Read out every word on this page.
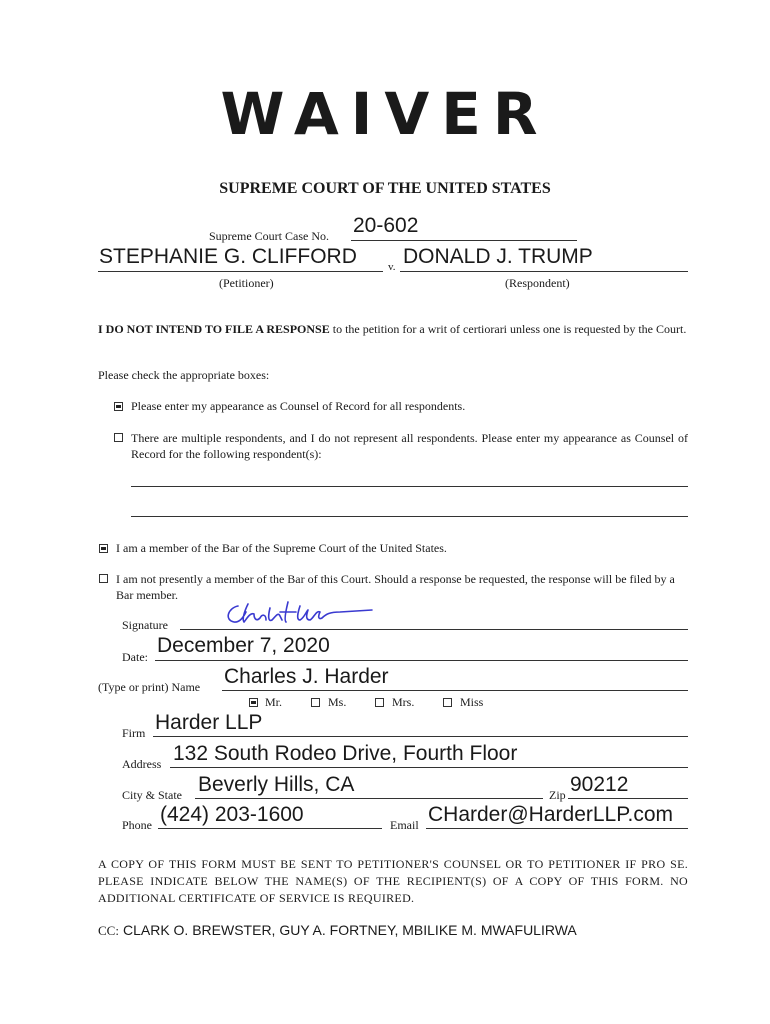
WAIVER
SUPREME COURT OF THE UNITED STATES
Supreme Court Case No. 20-602
STEPHANIE G. CLIFFORD	v. DONALD J. TRUMP
(Petitioner)	(Respondent)
I DO NOT INTEND TO FILE A RESPONSE to the petition for a writ of certiorari unless one is requested by the Court.
Please check the appropriate boxes:
Please enter my appearance as Counsel of Record for all respondents.
There are multiple respondents, and I do not represent all respondents. Please enter my appearance as Counsel of Record for the following respondent(s):
I am a member of the Bar of the Supreme Court of the United States.
I am not presently a member of the Bar of this Court. Should a response be requested, the response will be filed by a Bar member.
Signature
Date: December 7, 2020
(Type or print) Name Charles J. Harder
Mr.	Ms.	Mrs.	Miss
Firm Harder LLP
Address 132 South Rodeo Drive, Fourth Floor
City & State Beverly Hills, CA	Zip 90212
Phone (424) 203-1600	Email CHarder@HarderLLP.com
A COPY OF THIS FORM MUST BE SENT TO PETITIONER'S COUNSEL OR TO PETITIONER IF PRO SE. PLEASE INDICATE BELOW THE NAME(S) OF THE RECIPIENT(S) OF A COPY OF THIS FORM. NO ADDITIONAL CERTIFICATE OF SERVICE IS REQUIRED.
CC: CLARK O. BREWSTER, GUY A. FORTNEY, MBILIKE M. MWAFULIRWA
